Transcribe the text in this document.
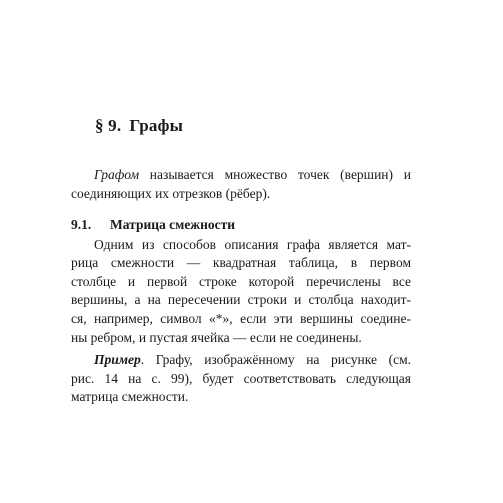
§ 9. Графы
Графом называется множество точек (вершин) и
соединяющих их отрезков (рёбер).
9.1. Матрица смежности
Одним из способов описания графа является мат-
рица смежности — квадратная таблица, в первом
столбце и первой строке которой перечислены все
вершины, а на пересечении строки и столбца находит-
ся, например, символ «*», если эти вершины соедине-
ны ребром, и пустая ячейка — если не соединены.
Пример. Графу, изображённому на рисунке (см.
рис. 14 на с. 99), будет соответствовать следующая
матрица смежности.
